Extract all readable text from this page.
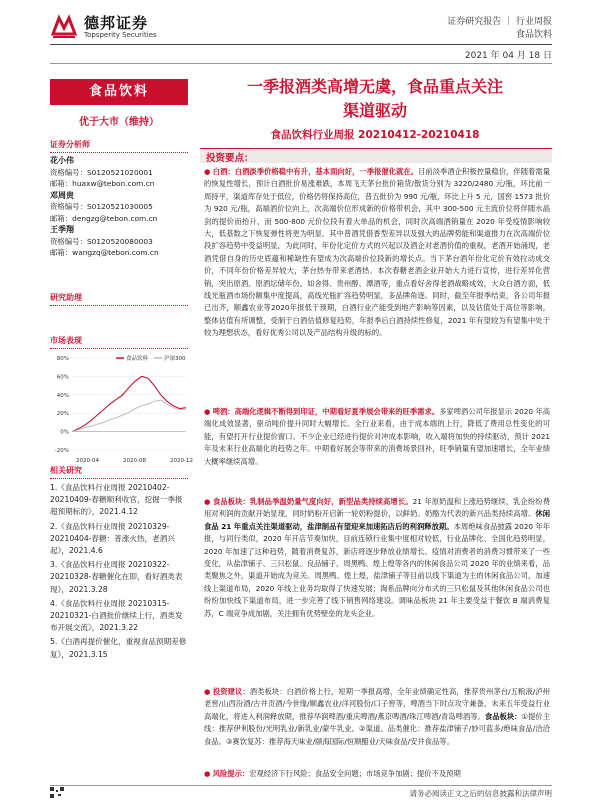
德邦证券
Topsperity Securities
证券研究报告 ｜ 行业周报
食品饮料
2021 年 04 月 18 日
食品饮料
优于大市（维持）
证券分析师
花小伟
资格编号：S0120521020001
邮箱：huaxw@tebon.com.cn
邓周贵
资格编号：S0120521030005
邮箱：dengzg@tebon.com.cn
王季翔
资格编号：S0120520080003
邮箱：wangzq@tebon.com.cn
研究助理
市场表现
80%
60%
40%
20%
0%
-20%
食品饮料	沪深300
2020-04	2020-08	2020-12
相关研究

1.《食品饮料行业周报 20210402-20210409-春糖顺利收官，挖掘一季报超预期标的》，2021.4.12

2.《食品饮料行业周报 20210329-20210404-春糖：普涨火热，老酒兴起》，2021.4.6

3.《食品饮料行业周报 20210322-20210328-春糖催化在即，看好酒类表现》，2021.3.28

4.《食品饮料行业周报 20210315-20210321-白酒批价继续上行，酒类发布开展交流》，2021.3.22

5.《白酒再提价催化，重视食品预期差修复》，2021.3.15

一季报酒类高增无虞，食品重点关注
渠道驱动
食品饮料行业周报 20210412-20210418
投资要点：

● 白酒：白酒淡季价格稳中有升，基本面向好，一季报催化就在。目前淡季酒企积极控量稳价，伴随着需量的恢复性增长，预计白酒批价易涨难跌，本周飞天茅台批价箱货/散货分别为 3220/2480 元/瓶，环比前一周持平，渠道库存处于低位，价格仍将保持高位，普五批价为 990 元/瓶，环比上升 5 元，国窖 1573 批价为 920 元/瓶，高端酒价位向上，次高端价位形成新的价格带机会，其中 300-500 元主流价位将伴随水晶剑的提价而抬升，而 500-800 元价位段有着大单品的机会，同时次高端酒销量在 2020 年受疫情影响较大，低基数之下恢复弹性将更为明显。其中普酒凭借香型差异以及强大的品牌势能和渠道推力在次高端价位段扩容趋势中受益明显，为此同时，年份化定价方式的兴起以及酒企对老酒价值的重视，老酒开始涌现，老酒凭借自身的历史底蕴和稀缺性有望成为次高端价位段新的增长点。当下茅台酒年份化定价有效拉动成交价，不同年份价格差异较大，茅台热夯带来老酒热。本次春糖老酒企业开始大力进行宣传，进行差异化营销，突出原酒、原酒坛储年份，如舍得、贵州醇、潭酒等，重点看好舍得老酒战略成效，大众白酒方面，低线光瓶酒市场份额集中度提高，高线光瓶扩容趋势明显，多品牌角逐。同时，截至年报季结束，各公司年报已出齐，顺鑫农业等2020年报低于预期，白酒行业产能受到地产影响等因素，以及估值处于高位等影响，整体估值有所调整，受制于白酒估值修复趋势，年报季后白酒持续性修复，2021 年有望较为有望集中处于较为理想状态，看好优秀公司以及产品结构升级的标的。

● 啤酒：高端化逻辑不断得到印证，中期看好夏季展会带来的旺季需求。多家啤酒公司年报显示 2020 年高端化成效显著，驱动吨价提升同时大幅增长。全行业来看，由于成本端的上行，降低了费用总性变化的可能，有望打开行业提价窗口。不少企业已经进行提价对冲成本影响，收入端将加快的持续驱动，预计 2021 年及未来行业高端化的趋势之年。中期看好展会等带来的消费场景回补，旺季销量有望加速增长，全年业绩大概率继续高增。

● 食品板块：乳制品季温奶量气度向好，新型品类持续高增长。21 年原奶温和上涨趋势继续，乳企纷纷费用对利润的贡献开始显现，同时奶粉开启新一轮奶粉提价，以鲜奶、奶酪为代表的新兴品类持续高增。休闲食品 21 年重点关注渠道驱动，盐津制品有望迎来加速拓店后的利润释放期。本周绝味食品披露 2020 年年报，与同行类似，2020 年开店节奏加快，目前连锁行业集中度相对较低，行业品牌化、全国化趋势明显，2020 年加速了这种趋势，随着消费复苏，新店将逐步释放业绩增长。疫情对消费者的消费习惯带来了一些变化，从盐津铺子、三只松鼠、良品铺子、周黑鸭、煌上煌等各内的休闲食品公司 2020 年的业绩来看，品类聚焦之外，渠道开始成为竞关。周黑鸭、煌上煌，盐津铺子等目前以线下渠道为主的休闲食品公司，加速线上渠道布局，2020 年线上业务均取得了快速发展；淘系品牌向分布式的三只松鼠及其他休闲食品公司也纷纷加快线下渠道布局，进一步完善了线下销售网络建设。调味品板块 21 年主要受益于餐饮 B 端消费复苏，C 端竞争成加剧，关注拥有优势壁垒的龙头企业。

● 投资建议：酒类板块：白酒价格上行，短期一季报高增，全年业绩确定性高，推荐贵州茅台/五粮液/泸州老窖/山西汾酒/古井贡酒/今世缘/顺鑫农业/洋河股份/口子窖等，啤酒当下时点攻守兼备，未来五年受益行业高端化，将进入利润释放期，推荐华润啤酒/重庆啤酒/燕京啤酒/珠江啤酒/青岛啤酒等。食品板块：①提价主线：推荐伊利股份/光明乳业/新乳业/蒙牛乳业。②渠道、品类催化：推荐盐津铺子/妙可蓝多/绝味食品/洽洽食品。③赛饮复苏：推荐海天味业/颐海国际/恒顺醋业/天味食品/安井食品等。

● 风险提示：宏观经济下行风险；食品安全问题；市场竞争加剧；提价不及预期

请务必阅读正文之后的信息披露和法律声明
